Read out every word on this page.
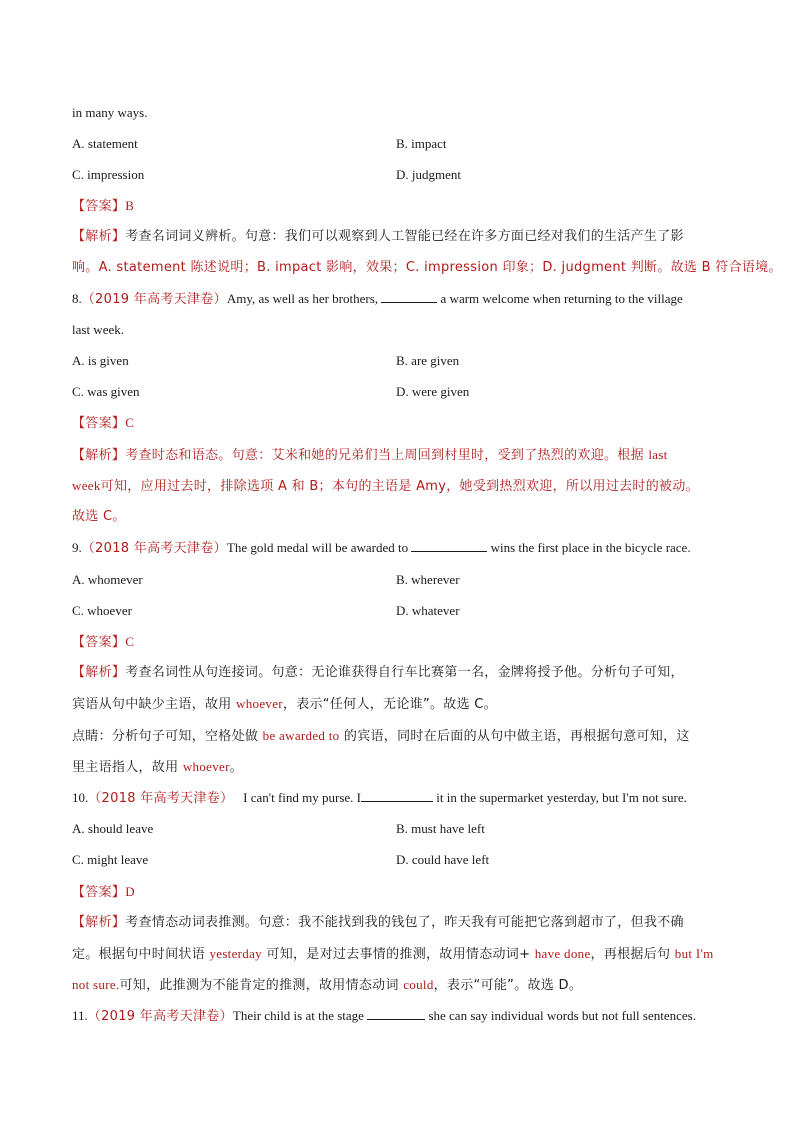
in many ways.
A. statement	B. impact
C. impression	D. judgment
【答案】B
【解析】考查名词词义辨析。句意：我们可以观察到人工智能已经在许多方面已经对我们的生活产生了影
响。A. statement 陈述说明；B. impact 影响，效果；C. impression 印象；D. judgment 判断。故选 B 符合语境。
8.（2019 年高考天津卷）Amy, as well as her brothers,	a warm welcome when returning to the village
last week.
A. is given	B. are given
C. was given	D. were given
【答案】C
【解析】考查时态和语态。句意：艾米和她的兄弟们当上周回到村里时，受到了热烈的欢迎。根据 last
week可知，应用过去时，排除选项 A 和 B；本句的主语是 Amy，她受到热烈欢迎，所以用过去时的被动。
故选 C。
9.（2018 年高考天津卷）The gold medal will be awarded to	wins the first place in the bicycle race.
A. whomever	B. wherever
C. whoever	D. whatever
【答案】C
【解析】考查名词性从句连接词。句意：无论谁获得自行车比赛第一名，金牌将授予他。分析句子可知，
宾语从句中缺少主语，故用 whoever，表示“任何人，无论谁”。故选 C。
点睛：分析句子可知，空格处做 be awarded to 的宾语，同时在后面的从句中做主语，再根据句意可知，这
里主语指人，故用 whoever。
10.（2018 年高考天津卷） I can't find my purse. I	it in the supermarket yesterday, but I'm not sure.
A. should leave	B. must have left
C. might leave	D. could have left
【答案】D
【解析】考查情态动词表推测。句意：我不能找到我的钱包了，昨天我有可能把它落到超市了，但我不确
定。根据句中时间状语 yesterday 可知，是对过去事情的推测，故用情态动词+ have done，再根据后句 but I'm
not sure.可知，此推测为不能肯定的推测，故用情态动词 could，表示“可能”。故选 D。
11.（2019 年高考天津卷）Their child is at the stage	she can say individual words but not full sentences.
